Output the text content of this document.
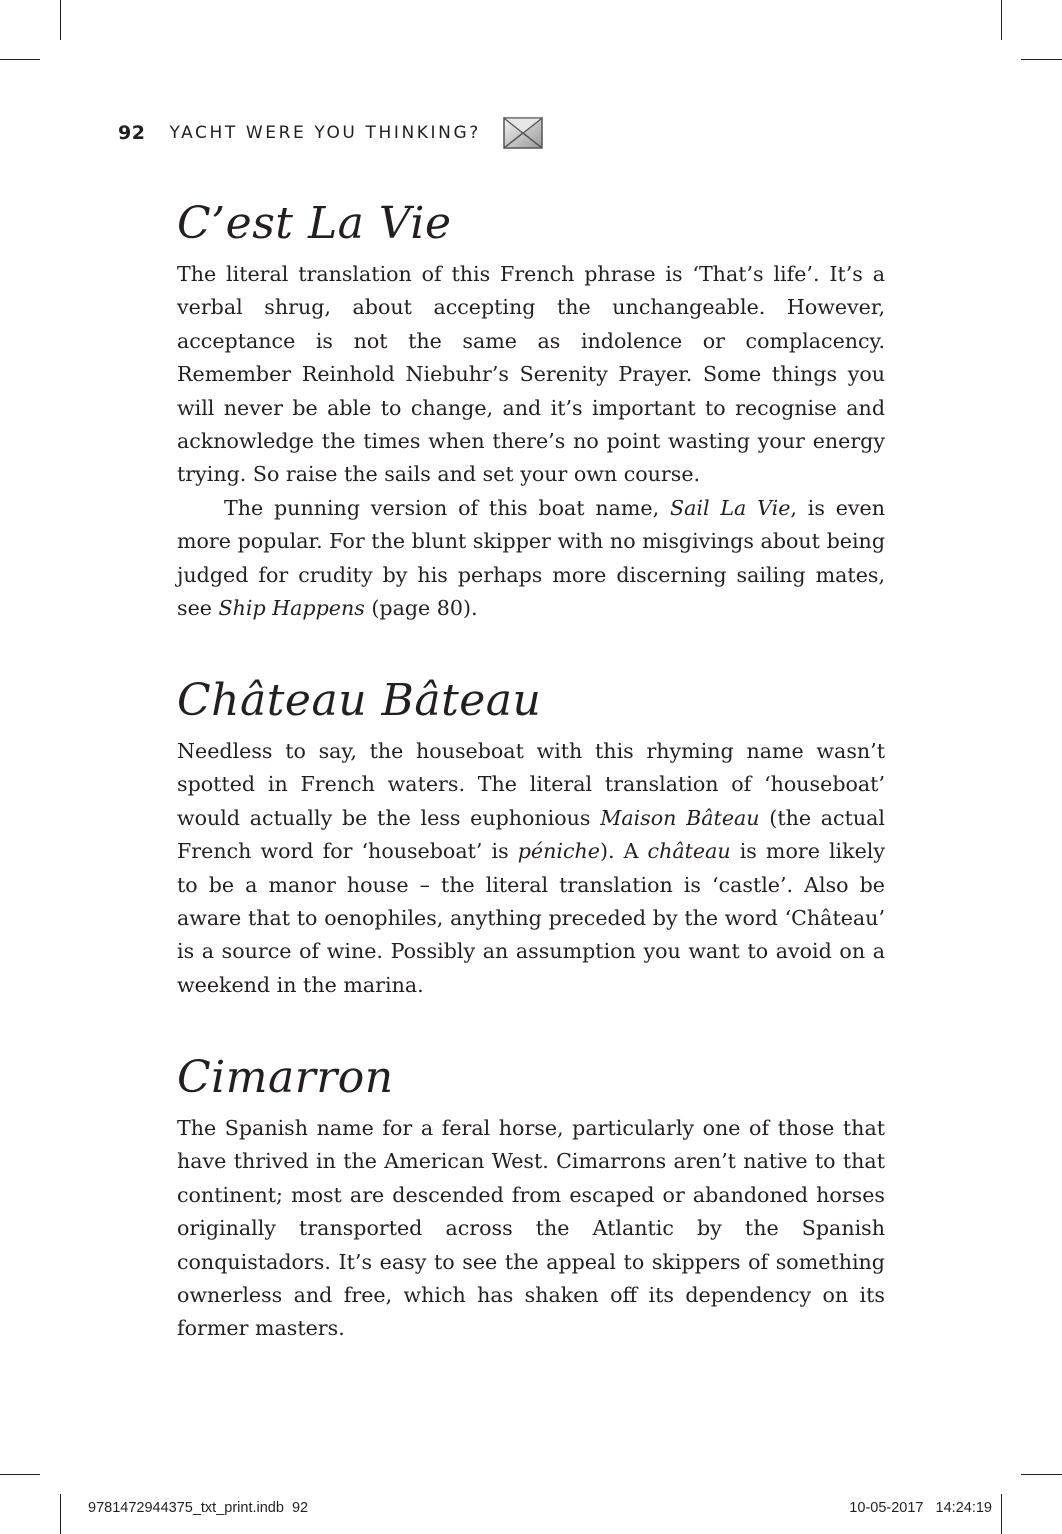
92 YACHT WERE YOU THINKING?
C’est La Vie

The literal translation of this French phrase is ‘That’s life’. It’s a verbal shrug, about accepting the unchangeable. However, acceptance is not the same as indolence or complacency. Remember Reinhold Niebuhr’s Serenity Prayer. Some things you will never be able to change, and it’s important to recognise and acknowledge the times when there’s no point wasting your energy trying. So raise the sails and set your own course.

The punning version of this boat name, Sail La Vie, is even more popular. For the blunt skipper with no misgivings about being judged for crudity by his perhaps more discerning sailing mates, see Ship Happens (page 80).

Château Bâteau

Needless to say, the houseboat with this rhyming name wasn’t spotted in French waters. The literal translation of ‘houseboat’ would actually be the less euphonious Maison Bâteau (the actual French word for ‘houseboat’ is péniche). A château is more likely to be a manor house – the literal translation is ‘castle’. Also be aware that to oenophiles, anything preceded by the word ‘Château’ is a source of wine. Possibly an assumption you want to avoid on a weekend in the marina.

Cimarron

The Spanish name for a feral horse, particularly one of those that have thrived in the American West. Cimarrons aren’t native to that continent; most are descended from escaped or abandoned horses originally transported across the Atlantic by the Spanish conquistadors. It’s easy to see the appeal to skippers of something ownerless and free, which has shaken off its dependency on its former masters.

9781472944375_txt_print.indb 92	10-05-2017   14:24:19
